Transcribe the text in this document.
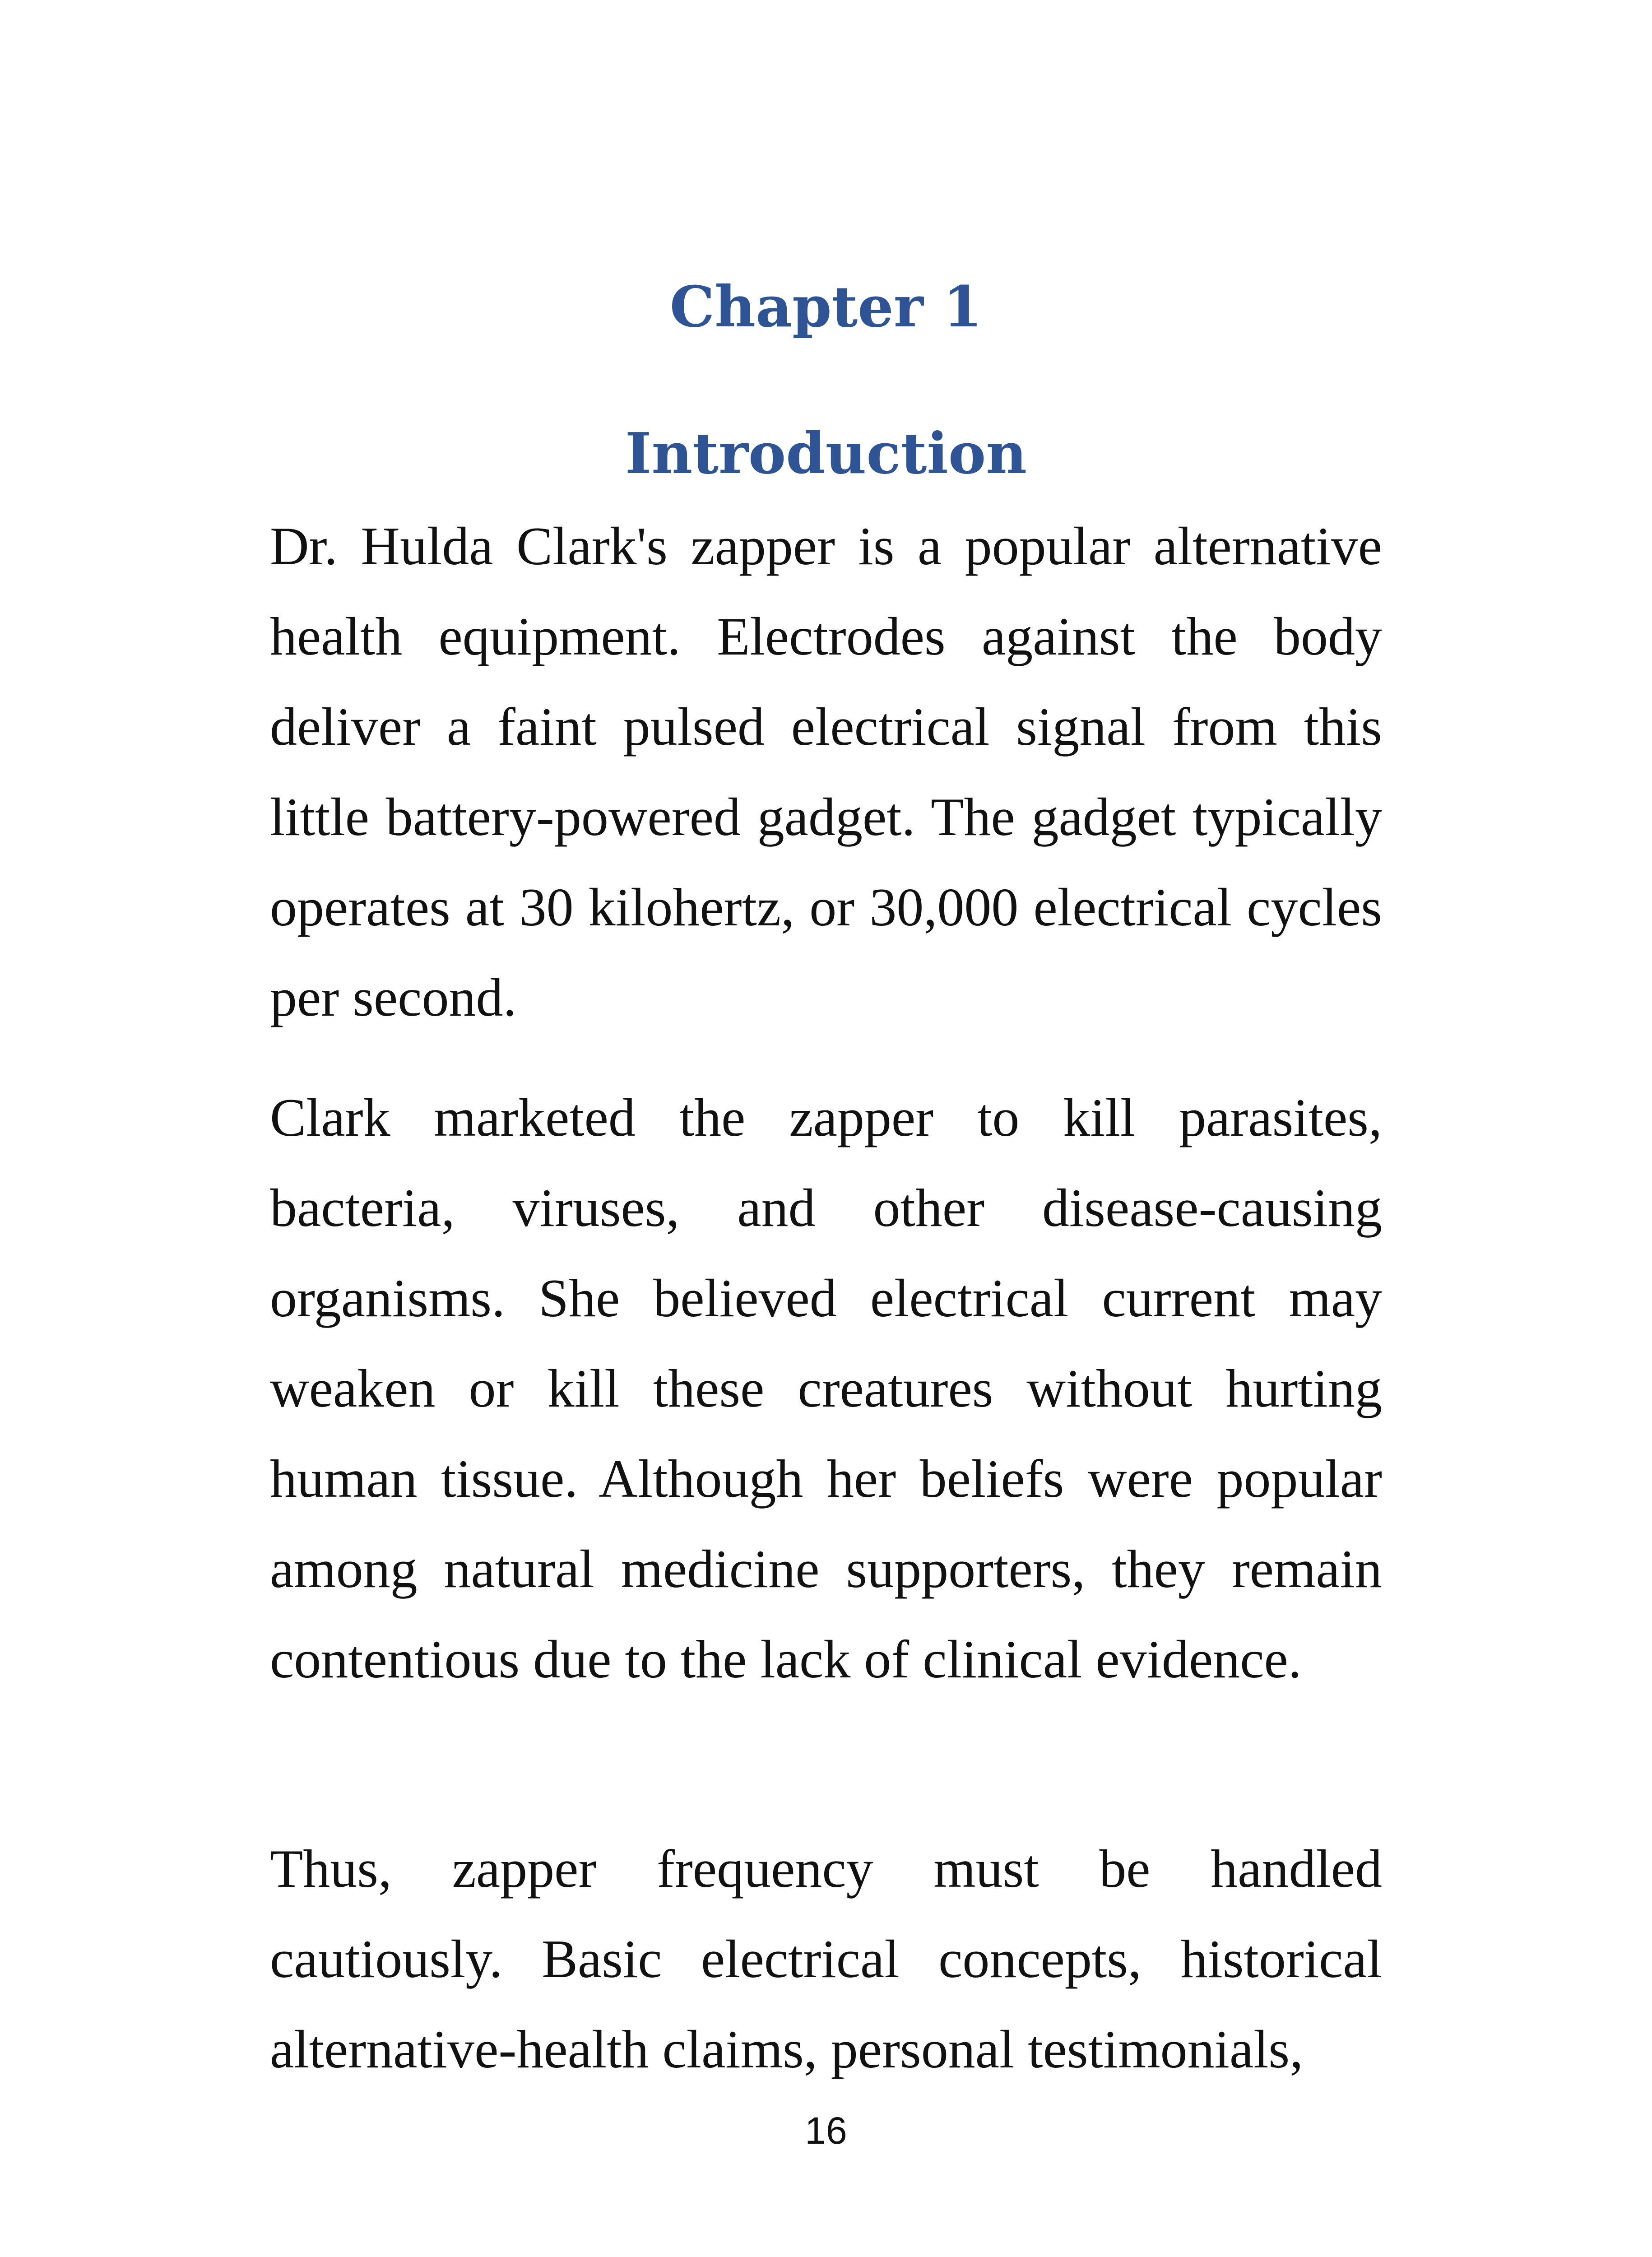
Chapter 1
Introduction

Dr. Hulda Clark's zapper is a popular alternative health equipment. Electrodes against the body deliver a faint pulsed electrical signal from this little battery-powered gadget. The gadget typically operates at 30 kilohertz, or 30,000 electrical cycles per second.

Clark marketed the zapper to kill parasites, bacteria, viruses, and other disease-causing organisms. She believed electrical current may weaken or kill these creatures without hurting human tissue. Although her beliefs were popular among natural medicine supporters, they remain contentious due to the lack of clinical evidence.

Thus, zapper frequency must be handled cautiously. Basic electrical concepts, historical alternative-health claims, personal testimonials,

16
